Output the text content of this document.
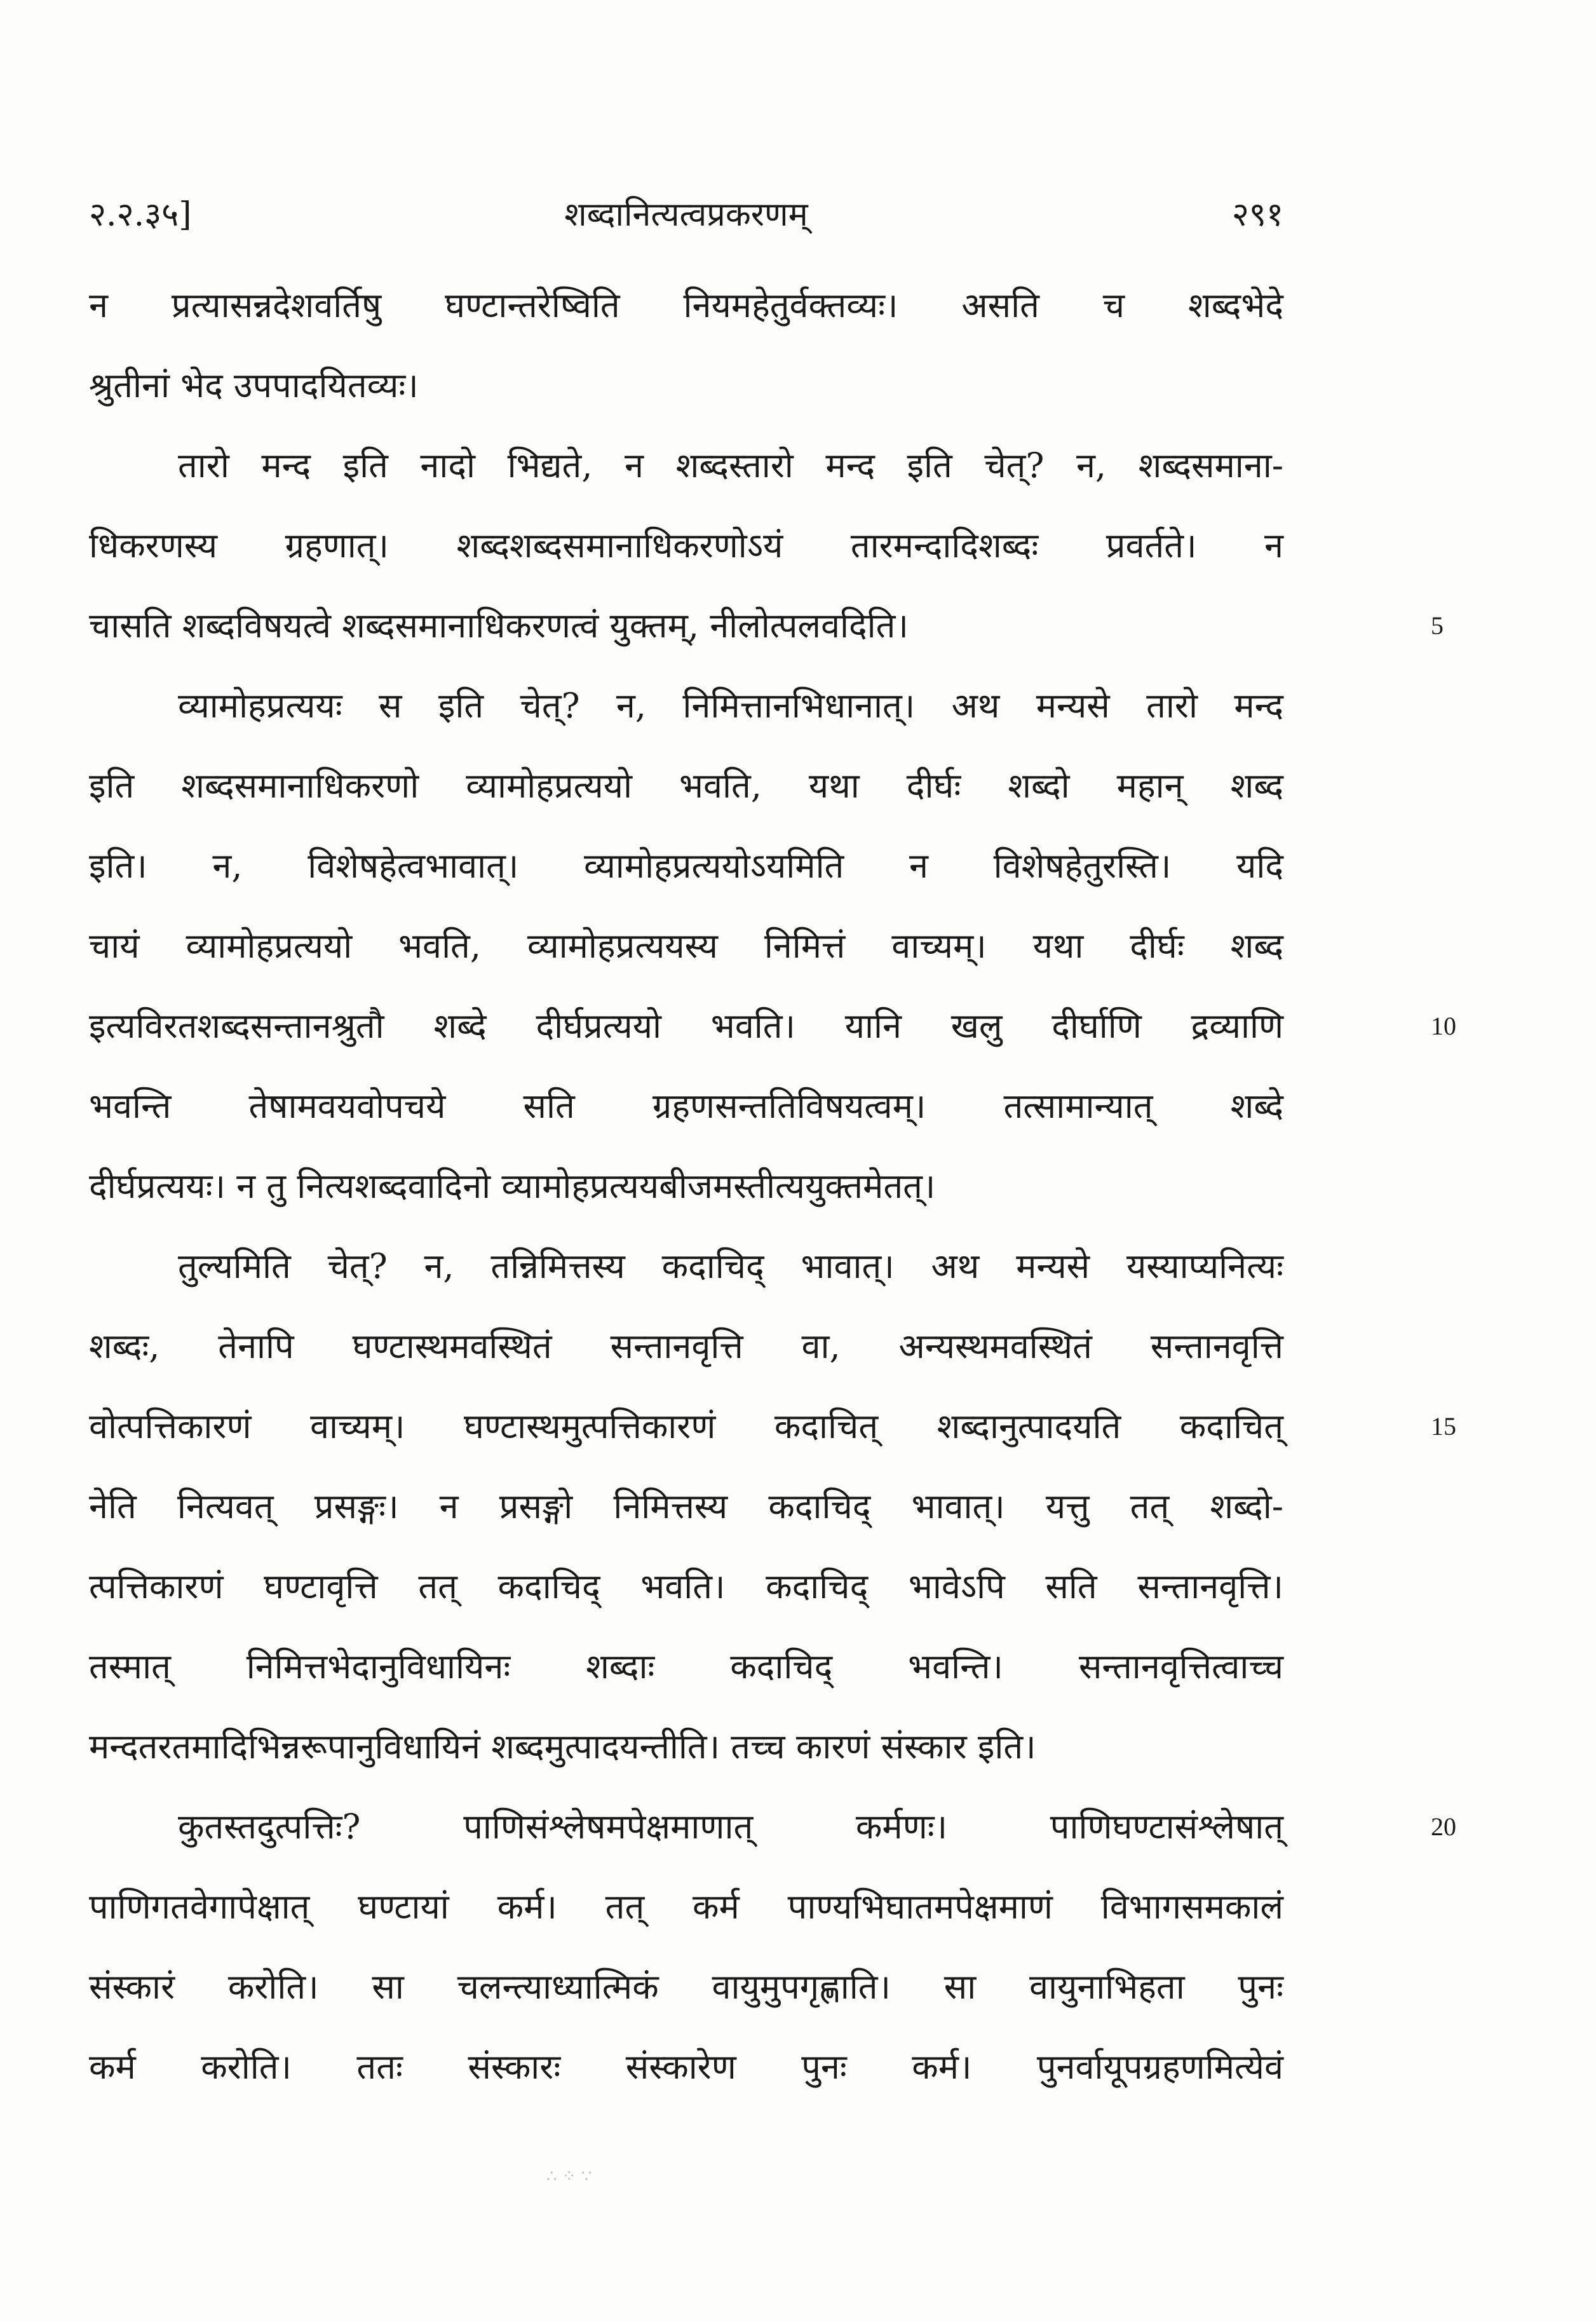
२.२.३५]	शब्दानित्यत्वप्रकरणम्	२९१
न प्रत्यासन्नदेशवर्तिषु घण्टान्तरेष्विति नियमहेतुर्वक्तव्यः। असति च शब्दभेदे
श्रुतीनां भेद उपपादयितव्यः।
तारो मन्द इति नादो भिद्यते, न शब्दस्तारो मन्द इति चेत्? न, शब्दसमाना-
धिकरणस्य ग्रहणात्। शब्दशब्दसमानाधिकरणोऽयं तारमन्दादिशब्दः प्रवर्तते। न
चासति शब्दविषयत्वे शब्दसमानाधिकरणत्वं युक्तम्, नीलोत्पलवदिति।	5
व्यामोहप्रत्ययः स इति चेत्? न, निमित्तानभिधानात्। अथ मन्यसे तारो मन्द
इति शब्दसमानाधिकरणो व्यामोहप्रत्ययो भवति, यथा दीर्घः शब्दो महान् शब्द
इति। न, विशेषहेत्वभावात्। व्यामोहप्रत्ययोऽयमिति न विशेषहेतुरस्ति। यदि
चायं व्यामोहप्रत्ययो भवति, व्यामोहप्रत्ययस्य निमित्तं वाच्यम्। यथा दीर्घः शब्द
इत्यविरतशब्दसन्तानश्रुतौ शब्दे दीर्घप्रत्ययो भवति। यानि खलु दीर्घाणि द्रव्याणि	10
भवन्ति तेषामवयवोपचये सति ग्रहणसन्ततिविषयत्वम्। तत्सामान्यात् शब्दे
दीर्घप्रत्ययः। न तु नित्यशब्दवादिनो व्यामोहप्रत्ययबीजमस्तीत्ययुक्तमेतत्।
तुल्यमिति चेत्? न, तन्निमित्तस्य कदाचिद् भावात्। अथ मन्यसे यस्याप्यनित्यः
शब्दः, तेनापि घण्टास्थमवस्थितं सन्तानवृत्ति वा, अन्यस्थमवस्थितं सन्तानवृत्ति
वोत्पत्तिकारणं वाच्यम्। घण्टास्थमुत्पत्तिकारणं कदाचित् शब्दानुत्पादयति कदाचित्	15
नेति नित्यवत् प्रसङ्गः। न प्रसङ्गो निमित्तस्य कदाचिद् भावात्। यत्तु तत् शब्दो-
त्पत्तिकारणं घण्टावृत्ति तत् कदाचिद् भवति। कदाचिद् भावेऽपि सति सन्तानवृत्ति।
तस्मात् निमित्तभेदानुविधायिनः शब्दाः कदाचिद् भवन्ति। सन्तानवृत्तित्वाच्च
मन्दतरतमादिभिन्नरूपानुविधायिनं शब्दमुत्पादयन्तीति। तच्च कारणं संस्कार इति।
कुतस्तदुत्पत्तिः? पाणिसंश्लेषमपेक्षमाणात् कर्मणः। पाणिघण्टासंश्लेषात्	20
पाणिगतवेगापेक्षात् घण्टायां कर्म। तत् कर्म पाण्यभिघातमपेक्षमाणं विभागसमकालं
संस्कारं करोति। सा चलन्त्याध्यात्मिकं वायुमुपगृह्णाति। सा वायुनाभिहता पुनः
कर्म करोति। ततः संस्कारः संस्कारेण पुनः कर्म। पुनर्वायूपग्रहणमित्येवं
∴ ⁘ ∵
